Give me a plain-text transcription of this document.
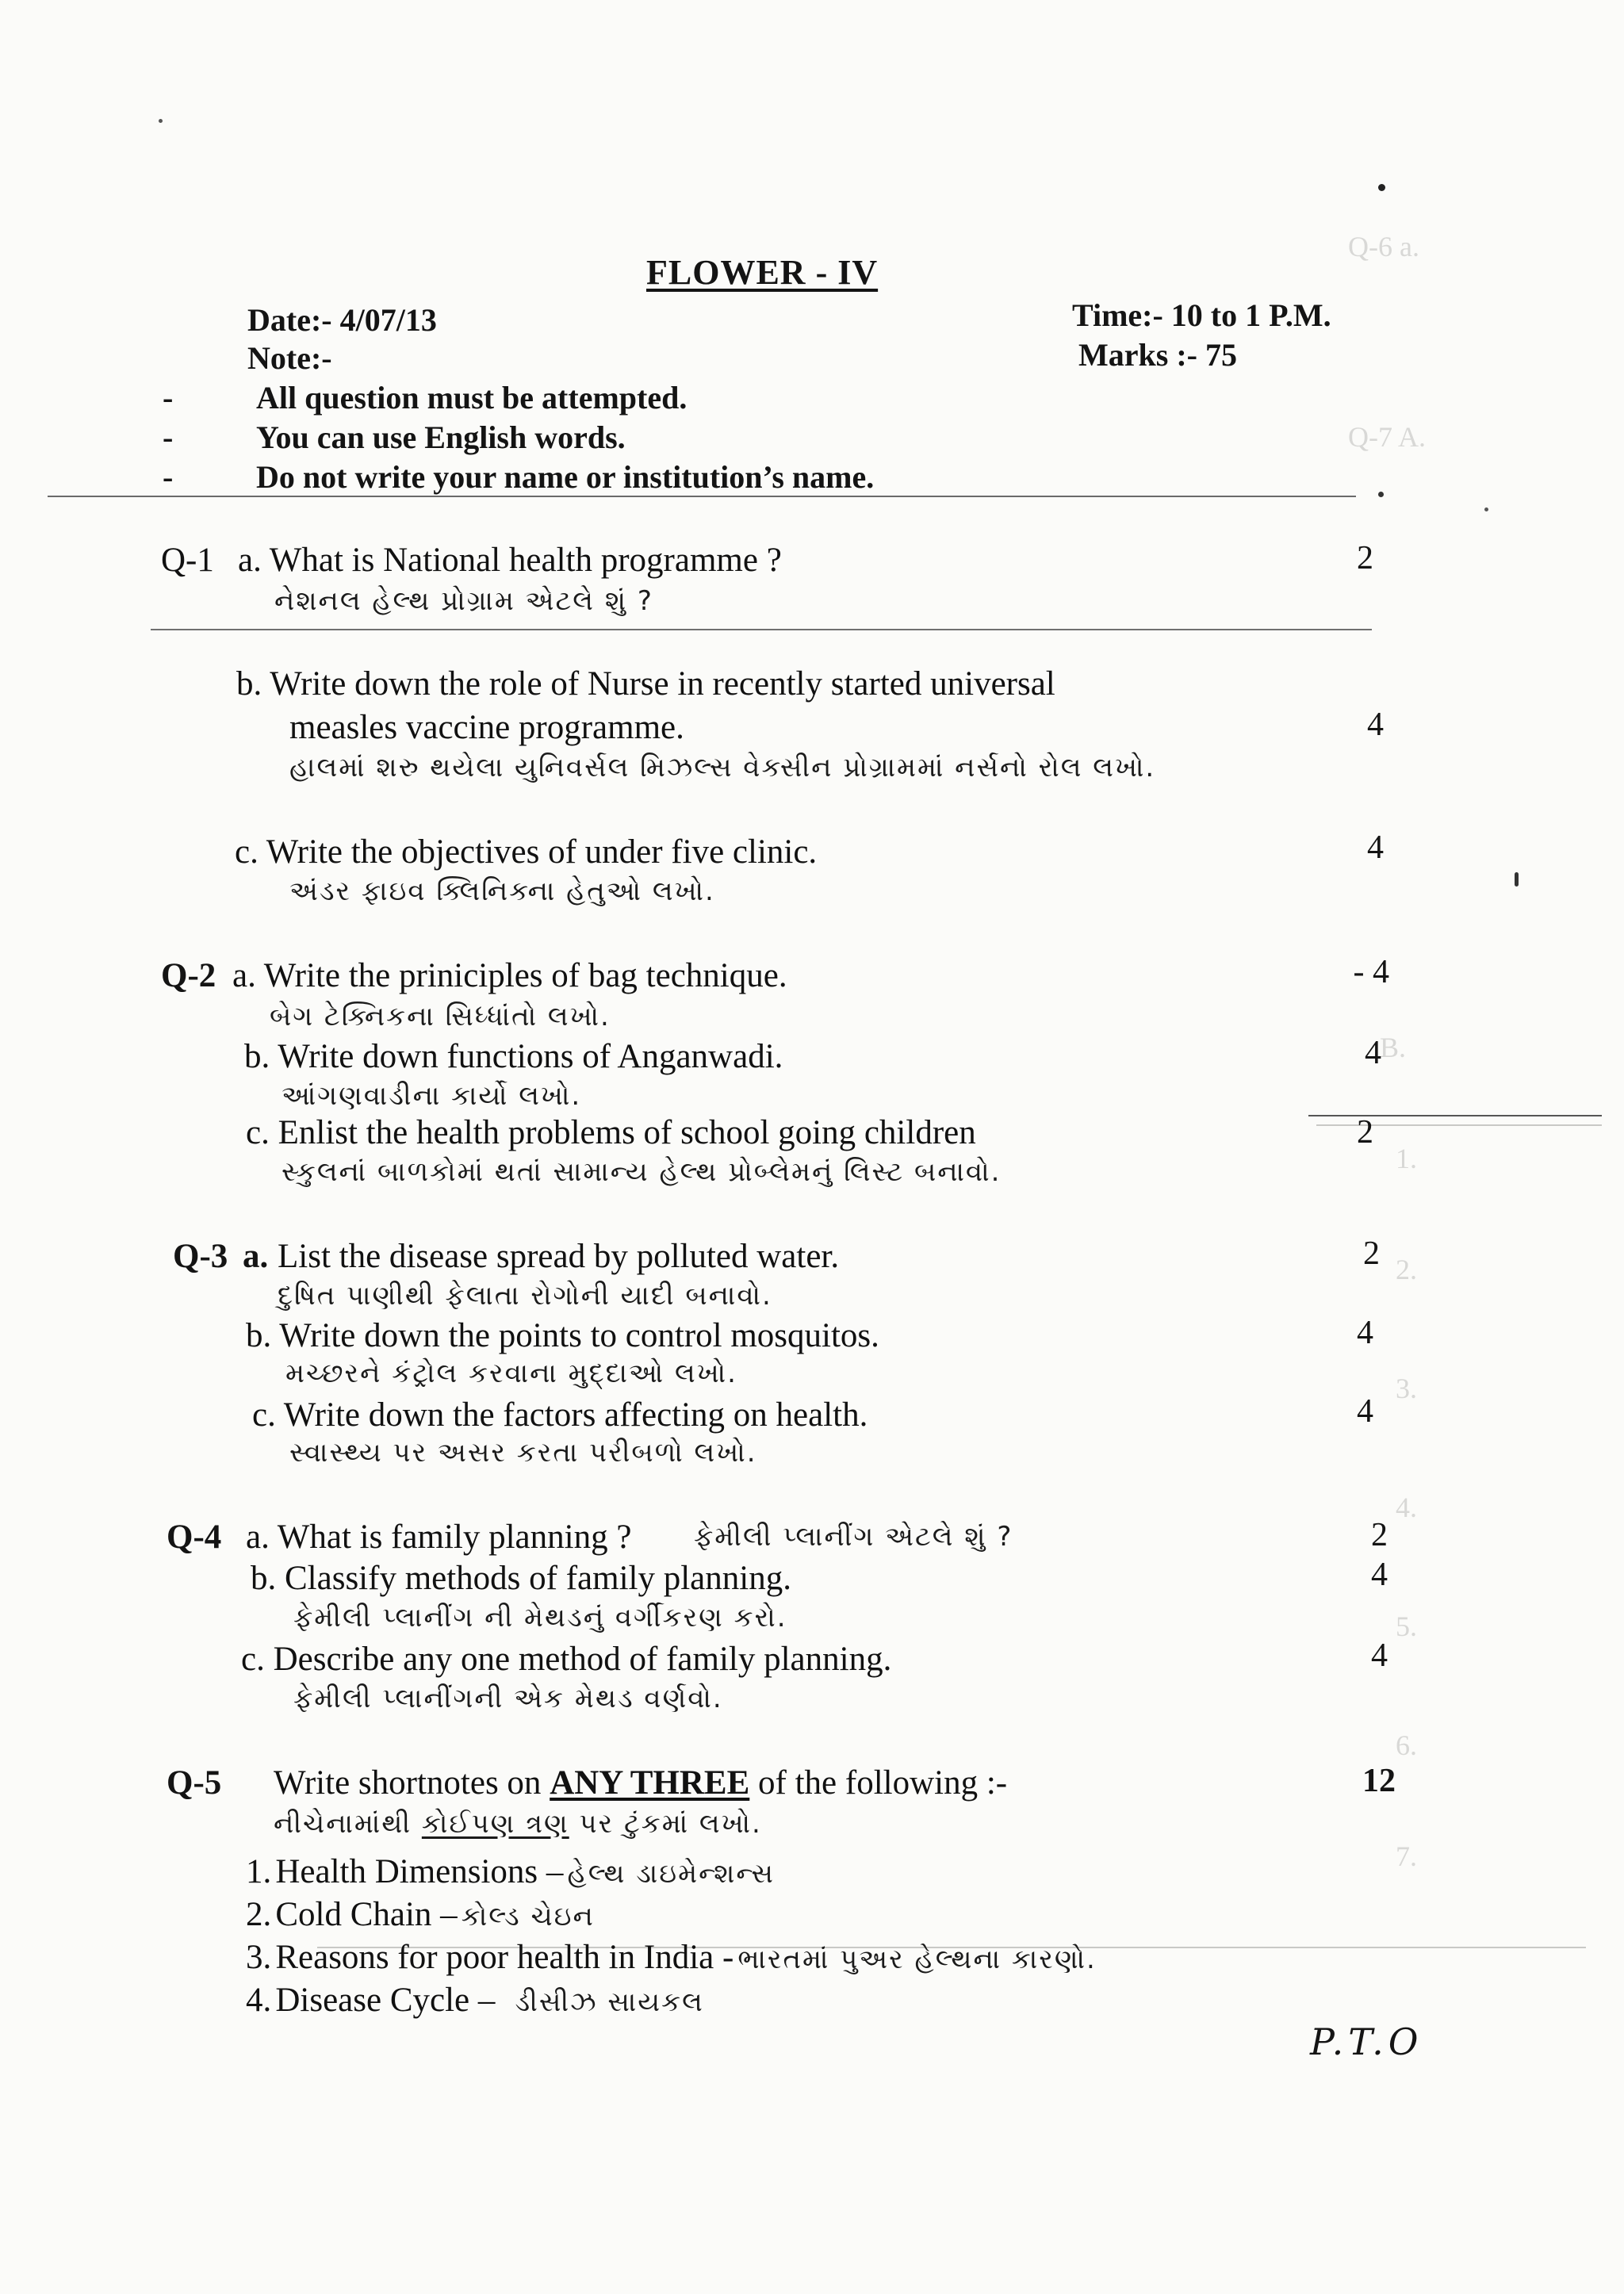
Q-6 a.
Q-7 A.
B.
1.
2.
3.
4.
5.
6.
7.
FLOWER - IV
Date:- 4/07/13	Time:- 10 to 1 P.M.
Note:-	Marks :- 75
-	All question must be attempted.
-	You can use English words.
-	Do not write your name or institution’s name.
Q-1 a. What is National health programme ?	2
નેશનલ હેલ્થ પ્રોગ્રામ એટલે શું ?
b. Write down the role of Nurse in recently started universal
measles vaccine programme.	4
હાલમાં શરુ થયેલા યુનિવર્સલ મિઝલ્સ વેક્સીન પ્રોગ્રામમાં નર્સનો રોલ લખો.
c. Write the objectives of under five clinic.	4
અંડર ફાઇવ ક્લિનિક્ના હેતુઓ લખો.
Q-2 a. Write the priniciples of bag technique.	- 4
બેગ ટેક્નિકના સિધ્ધાંતો લખો.
b. Write down functions of Anganwadi.	4
આંગણવાડીના કાર્યો લખો.
c. Enlist the health problems of school going children	2
સ્કુલનાં બાળકોમાં થતાં સામાન્ય હેલ્થ પ્રોબ્લેમનું લિસ્ટ બનાવો.
Q-3 a. List the disease spread by polluted water.	2
દુષિત પાણીથી ફેલાતા રોગોની યાદી બનાવો.
b. Write down the points to control mosquitos.	4
મચ્છરને કંટ્રોલ કરવાના મુદ્દાઓ લખો.
c. Write down the factors affecting on health.	4
સ્વાસ્થ્ય પર અસર કરતા પરીબળો લખો.
Q-4 a. What is family planning ? ફેમીલી પ્લાનીંગ એટલે શું ?	2
b. Classify methods of family planning.	4
ફેમીલી પ્લાનીંગ ની મેથડનું વર્ગીકરણ કરો.
c. Describe any one method of family planning.	4
ફેમીલી પ્લાનીંગની એક મેથડ વર્ણવો.
Q-5 Write shortnotes on ANY THREE of the following :-	12
નીચેનામાંથી કોઈપણ ત્રણ પર ટુંકમાં લખો.
1. Health Dimensions – હેલ્થ ડાઇમેન્શન્સ
2. Cold Chain – કોલ્ડ ચેઇન
3. Reasons for poor health in India - ભારતમાં પુઅર હેલ્થના કારણો.
4. Disease Cycle – ડીસીઝ સાયકલ
P.T.O
